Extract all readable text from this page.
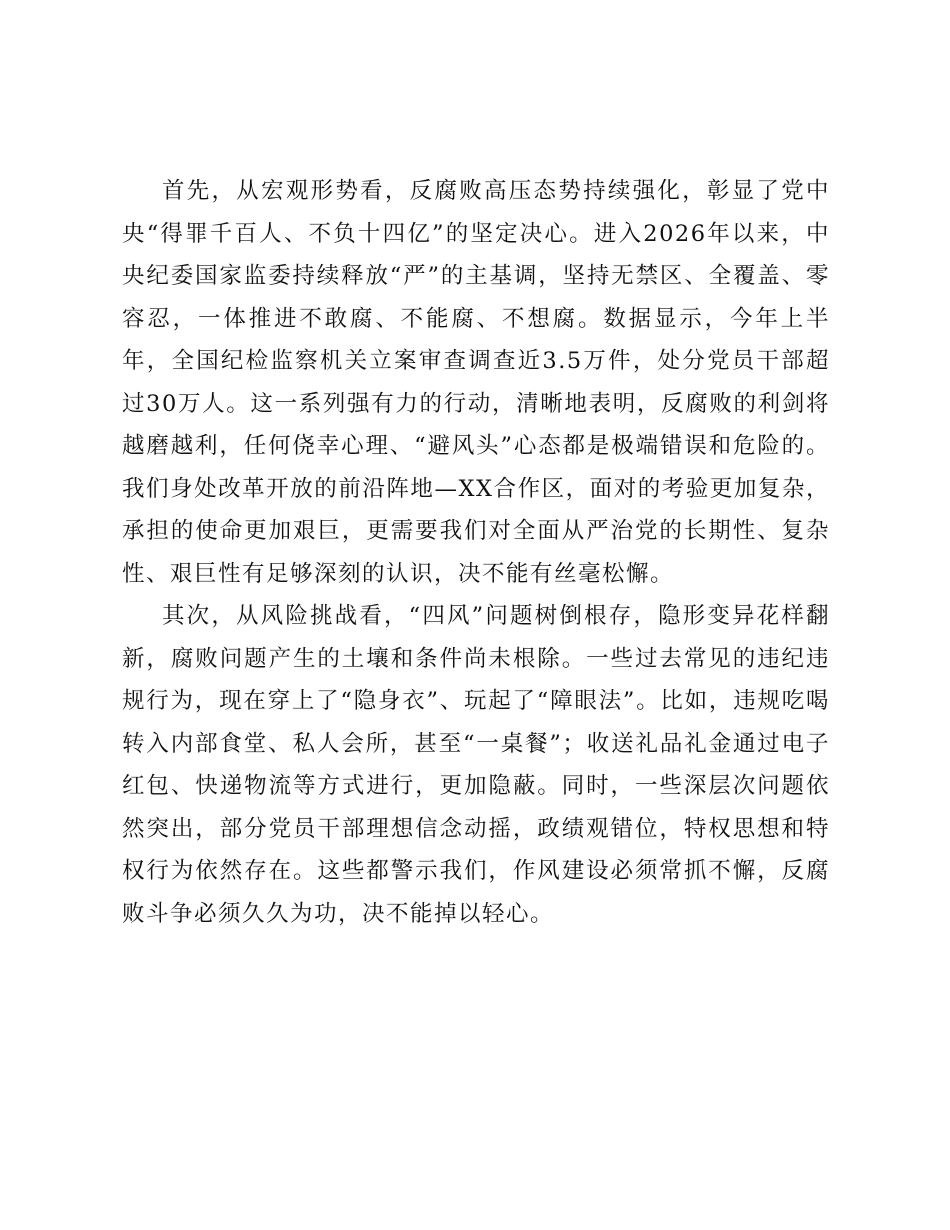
首先，从宏观形势看，反腐败高压态势持续强化，彰显了党中央“得罪千百人、不负十四亿”的坚定决心。进入2026年以来，中央纪委国家监委持续释放“严”的主基调，坚持无禁区、全覆盖、零容忍，一体推进不敢腐、不能腐、不想腐。数据显示，今年上半年，全国纪检监察机关立案审查调查近3.5万件，处分党员干部超过30万人。这一系列强有力的行动，清晰地表明，反腐败的利剑将越磨越利，任何侥幸心理、“避风头”心态都是极端错误和危险的。我们身处改革开放的前沿阵地—XX合作区，面对的考验更加复杂，承担的使命更加艰巨，更需要我们对全面从严治党的长期性、复杂性、艰巨性有足够深刻的认识，决不能有丝毫松懈。

其次，从风险挑战看，“四风”问题树倒根存，隐形变异花样翻新，腐败问题产生的土壤和条件尚未根除。一些过去常见的违纪违规行为，现在穿上了“隐身衣”、玩起了“障眼法”。比如，违规吃喝转入内部食堂、私人会所，甚至“一桌餐”；收送礼品礼金通过电子红包、快递物流等方式进行，更加隐蔽。同时，一些深层次问题依然突出，部分党员干部理想信念动摇，政绩观错位，特权思想和特权行为依然存在。这些都警示我们，作风建设必须常抓不懈，反腐败斗争必须久久为功，决不能掉以轻心。
